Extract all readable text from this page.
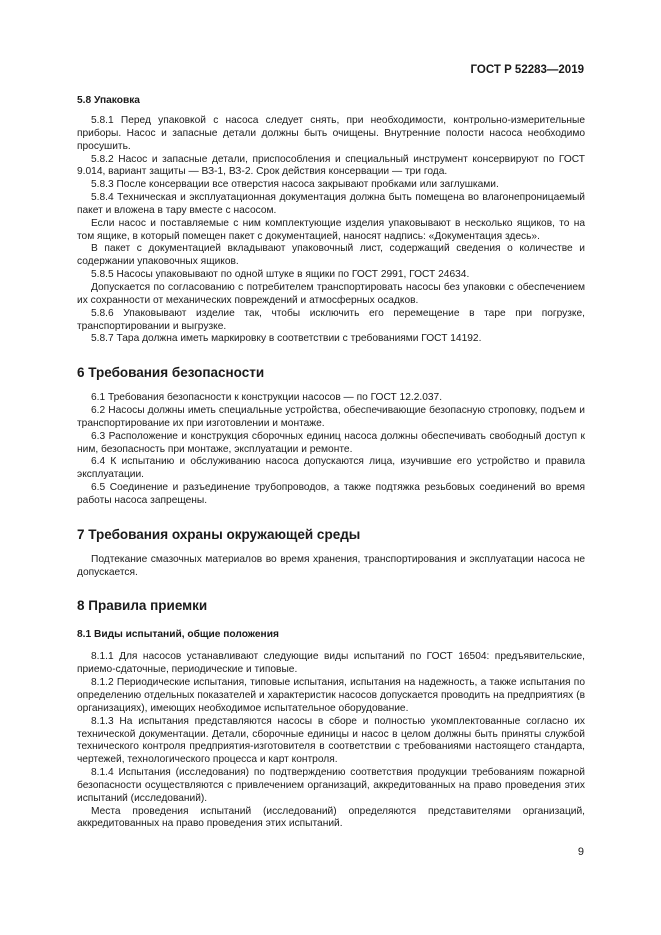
ГОСТ Р 52283—2019
5.8 Упаковка

5.8.1 Перед упаковкой с насоса следует снять, при необходимости, контрольно-измерительные приборы. Насос и запасные детали должны быть очищены. Внутренние полости насоса необходимо просушить.

5.8.2 Насос и запасные детали, приспособления и специальный инструмент консервируют по ГОСТ 9.014, вариант защиты — ВЗ-1, ВЗ-2. Срок действия консервации — три года.

5.8.3 После консервации все отверстия насоса закрывают пробками или заглушками.

5.8.4 Техническая и эксплуатационная документация должна быть помещена во влагонепроницаемый пакет и вложена в тару вместе с насосом.

Если насос и поставляемые с ним комплектующие изделия упаковывают в несколько ящиков, то на том ящике, в который помещен пакет с документацией, наносят надпись: «Документация здесь».

В пакет с документацией вкладывают упаковочный лист, содержащий сведения о количестве и содержании упаковочных ящиков.

5.8.5 Насосы упаковывают по одной штуке в ящики по ГОСТ 2991, ГОСТ 24634.

Допускается по согласованию с потребителем транспортировать насосы без упаковки с обеспечением их сохранности от механических повреждений и атмосферных осадков.

5.8.6 Упаковывают изделие так, чтобы исключить его перемещение в таре при погрузке, транспортировании и выгрузке.

5.8.7 Тара должна иметь маркировку в соответствии с требованиями ГОСТ 14192.

6 Требования безопасности

6.1 Требования безопасности к конструкции насосов — по ГОСТ 12.2.037.

6.2 Насосы должны иметь специальные устройства, обеспечивающие безопасную строповку, подъем и транспортирование их при изготовлении и монтаже.

6.3 Расположение и конструкция сборочных единиц насоса должны обеспечивать свободный доступ к ним, безопасность при монтаже, эксплуатации и ремонте.

6.4 К испытанию и обслуживанию насоса допускаются лица, изучившие его устройство и правила эксплуатации.

6.5 Соединение и разъединение трубопроводов, а также подтяжка резьбовых соединений во время работы насоса запрещены.

7 Требования охраны окружающей среды

Подтекание смазочных материалов во время хранения, транспортирования и эксплуатации насоса не допускается.

8 Правила приемки
8.1 Виды испытаний, общие положения

8.1.1 Для насосов устанавливают следующие виды испытаний по ГОСТ 16504: предъявительские, приемо-сдаточные, периодические и типовые.

8.1.2 Периодические испытания, типовые испытания, испытания на надежность, а также испытания по определению отдельных показателей и характеристик насосов допускается проводить на предприятиях (в организациях), имеющих необходимое испытательное оборудование.

8.1.3 На испытания представляются насосы в сборе и полностью укомплектованные согласно их технической документации. Детали, сборочные единицы и насос в целом должны быть приняты службой технического контроля предприятия-изготовителя в соответствии с требованиями настоящего стандарта, чертежей, технологического процесса и карт контроля.

8.1.4 Испытания (исследования) по подтверждению соответствия продукции требованиям пожарной безопасности осуществляются с привлечением организаций, аккредитованных на право проведения этих испытаний (исследований).

Места проведения испытаний (исследований) определяются представителями организаций, аккредитованных на право проведения этих испытаний.

9
